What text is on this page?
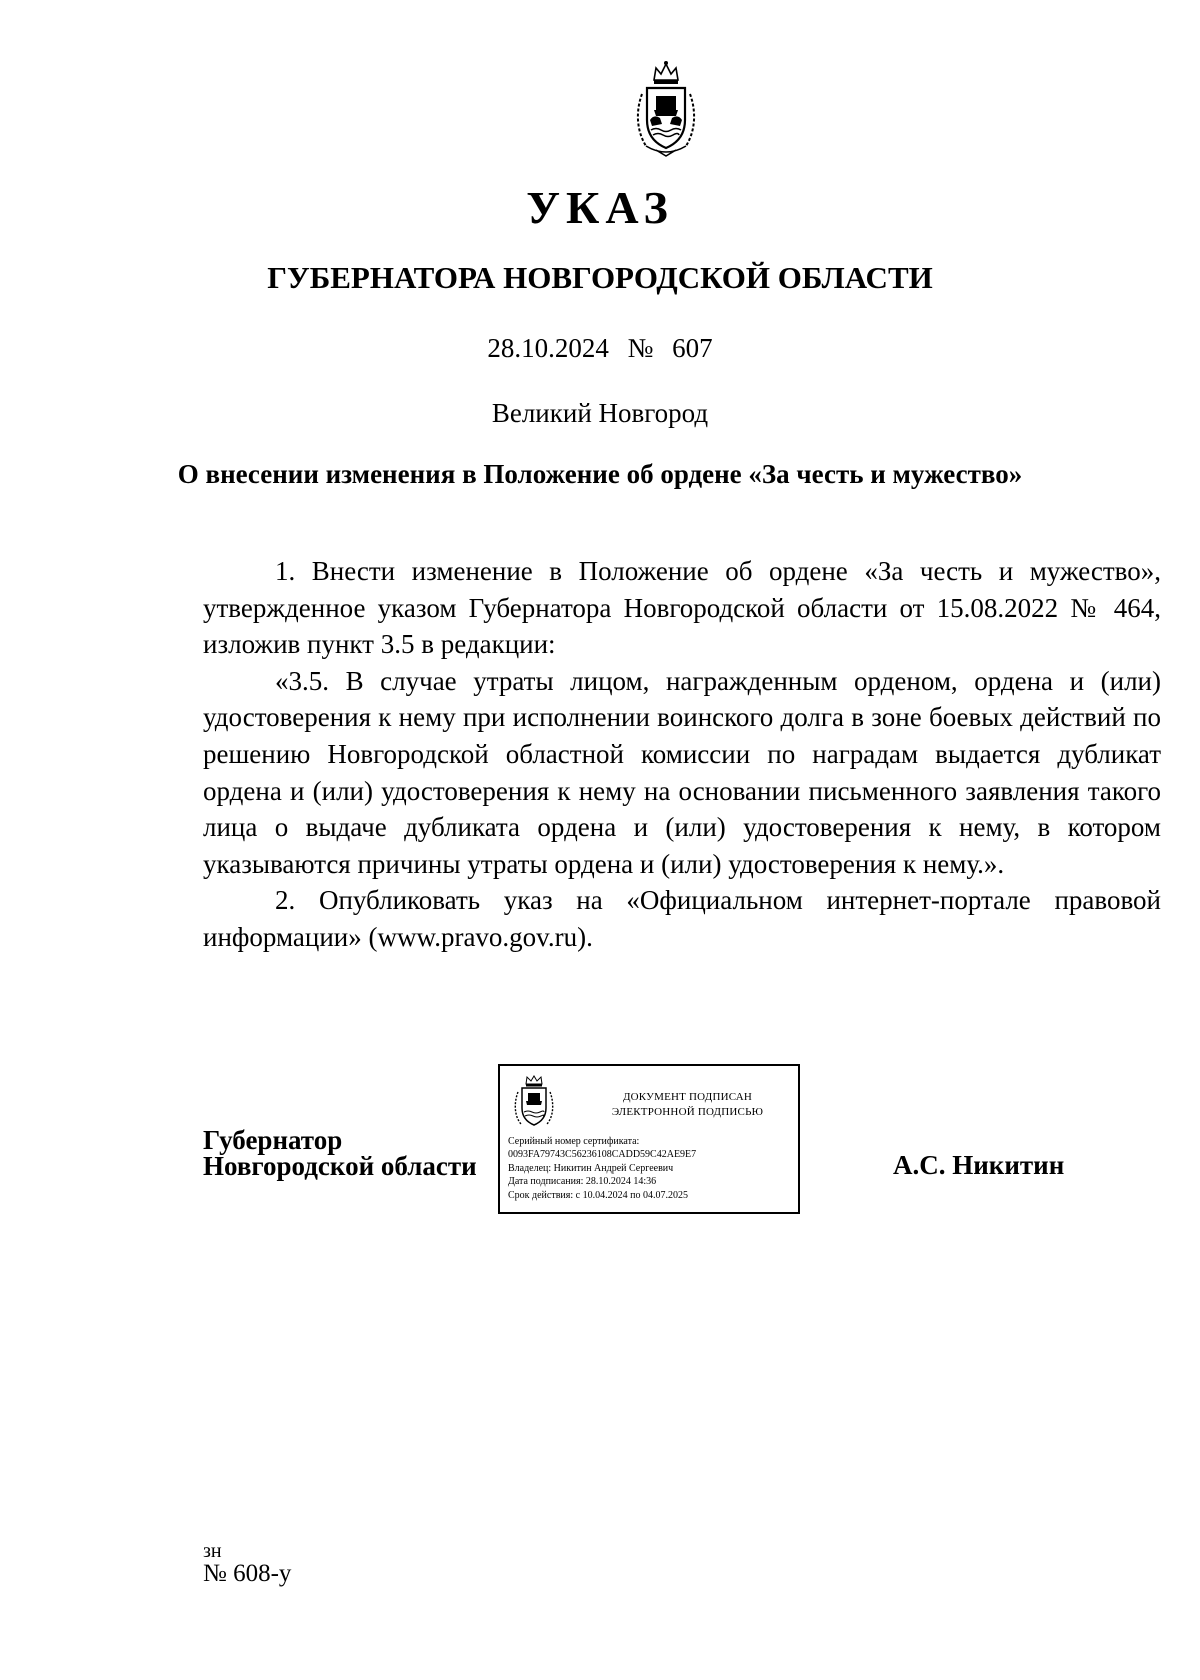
УКАЗ
ГУБЕРНАТОРА НОВГОРОДСКОЙ ОБЛАСТИ
28.10.2024 № 607
Великий Новгород
О внесении изменения в Положение об ордене «За честь и мужество»

1. Внести изменение в Положение об ордене «За честь и мужество», утвержденное указом Губернатора Новгородской области от 15.08.2022 № 464, изложив пункт 3.5 в редакции:

«3.5. В случае утраты лицом, награжденным орденом, ордена и (или) удостоверения к нему при исполнении воинского долга в зоне боевых действий по решению Новгородской областной комиссии по наградам выдается дубликат ордена и (или) удостоверения к нему на основании письменного заявления такого лица о выдаче дубликата ордена и (или) удостоверения к нему, в котором указываются причины утраты ордена и (или) удостоверения к нему.».

2. Опубликовать указ на «Официальном интернет-портале правовой информации» (www.pravo.gov.ru).

Губернатор
Новгородской области
ДОКУМЕНТ ПОДПИСАН
ЭЛЕКТРОННОЙ ПОДПИСЬЮ
Серийный номер сертификата:
0093FA79743C56236108CADD59C42AE9E7
Владелец: Никитин Андрей Сергеевич
Дата подписания: 28.10.2024 14:36
Срок действия: с 10.04.2024 по 04.07.2025
А.С. Никитин
зн
№ 608-у
